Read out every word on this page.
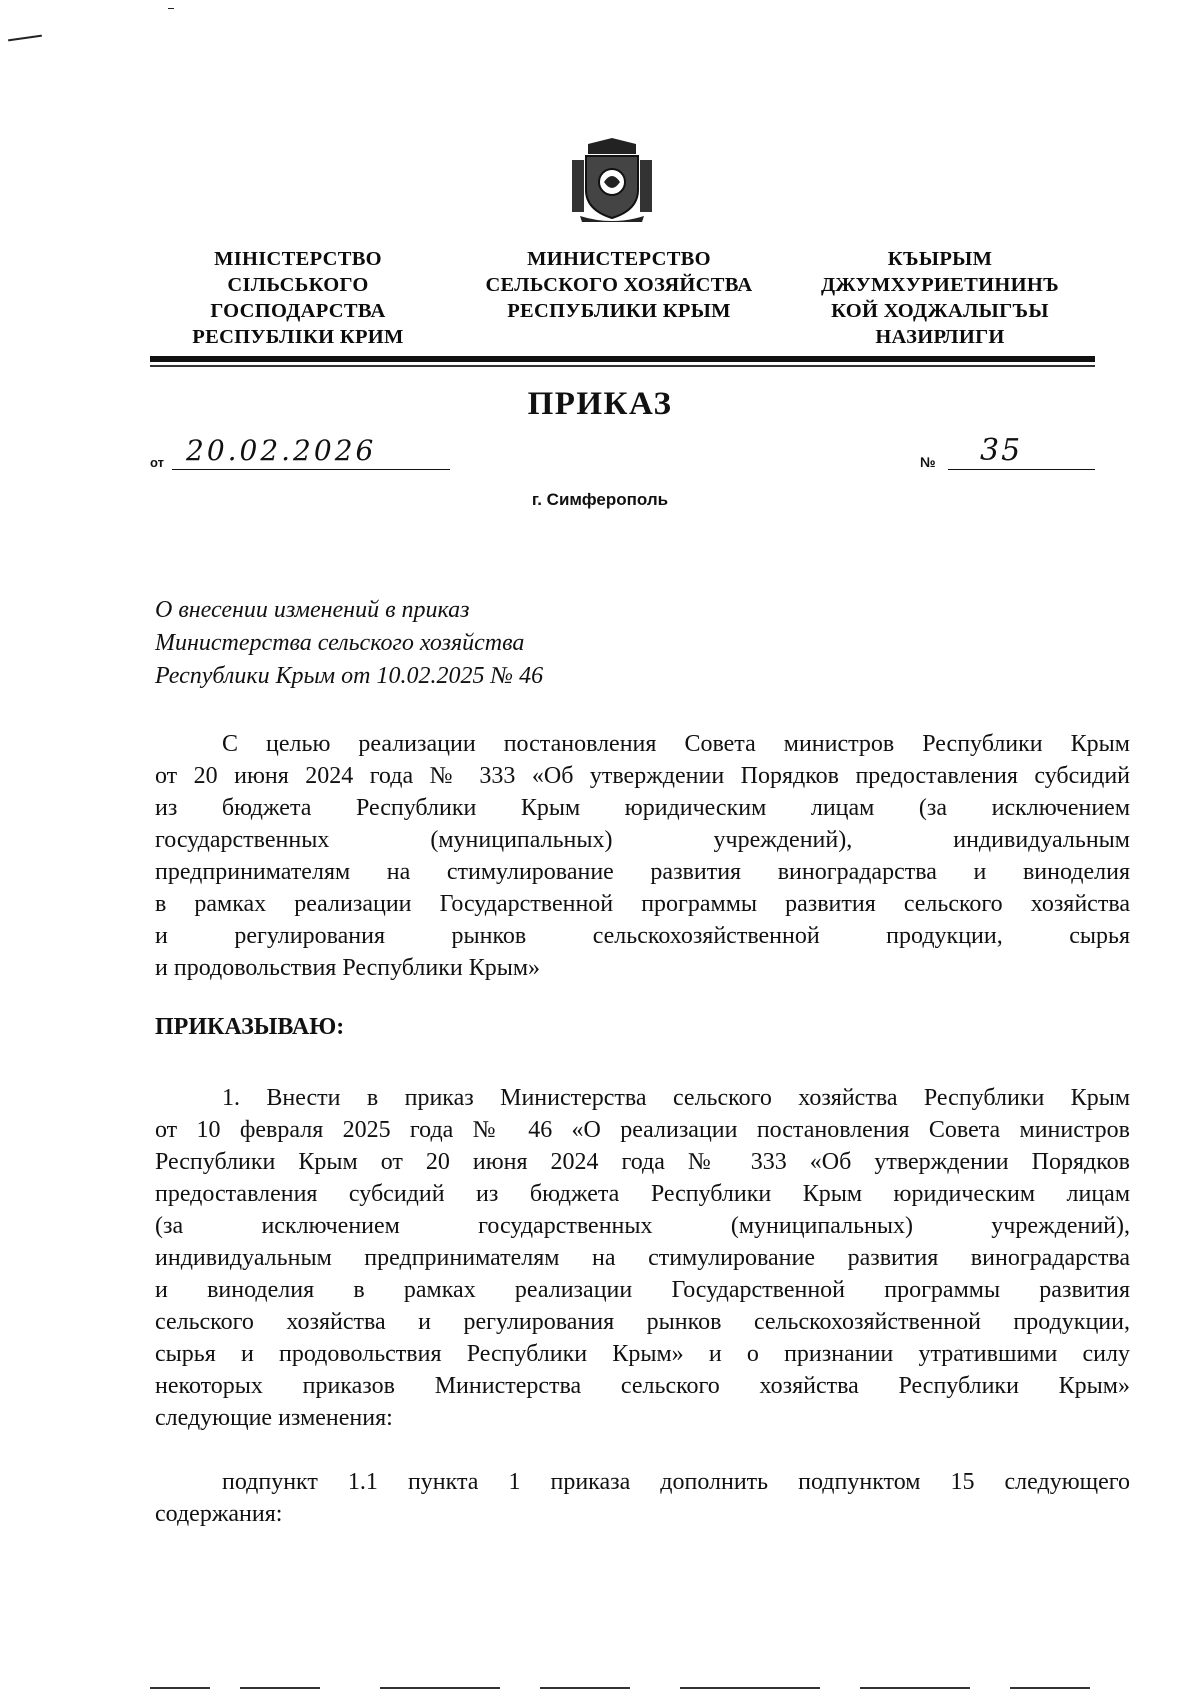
МІНІСТЕРСТВО
СІЛЬСЬКОГО
ГОСПОДАРСТВА
РЕСПУБЛІКИ КРИМ
МИНИСТЕРСТВО
СЕЛЬСКОГО ХОЗЯЙСТВА
РЕСПУБЛИКИ КРЫМ
КЪЫРЫМ
ДЖУМХУРИЕТИНИНЪ
КОЙ ХОДЖАЛЫГЪЫ
НАЗИРЛИГИ
ПРИКАЗ
от 20.02.2026	№ 35
г. Симферополь
О внесении изменений в приказ
Министерства сельского хозяйства
Республики Крым от 10.02.2025 № 46
С целью реализации постановления Совета министров Республики Крым
от 20 июня 2024 года № 333 «Об утверждении Порядков предоставления субсидий
из бюджета Республики Крым юридическим лицам (за исключением
государственных (муниципальных) учреждений), индивидуальным
предпринимателям на стимулирование развития виноградарства и виноделия
в рамках реализации Государственной программы развития сельского хозяйства
и регулирования рынков сельскохозяйственной продукции, сырья
и продовольствия Республики Крым»
ПРИКАЗЫВАЮ:
1. Внести в приказ Министерства сельского хозяйства Республики Крым
от 10 февраля 2025 года № 46 «О реализации постановления Совета министров
Республики Крым от 20 июня 2024 года № 333 «Об утверждении Порядков
предоставления субсидий из бюджета Республики Крым юридическим лицам
(за исключением государственных (муниципальных) учреждений),
индивидуальным предпринимателям на стимулирование развития виноградарства
и виноделия в рамках реализации Государственной программы развития
сельского хозяйства и регулирования рынков сельскохозяйственной продукции,
сырья и продовольствия Республики Крым» и о признании утратившими силу
некоторых приказов Министерства сельского хозяйства Республики Крым»
следующие изменения:
подпункт 1.1 пункта 1 приказа дополнить подпунктом 15 следующего
содержания:
